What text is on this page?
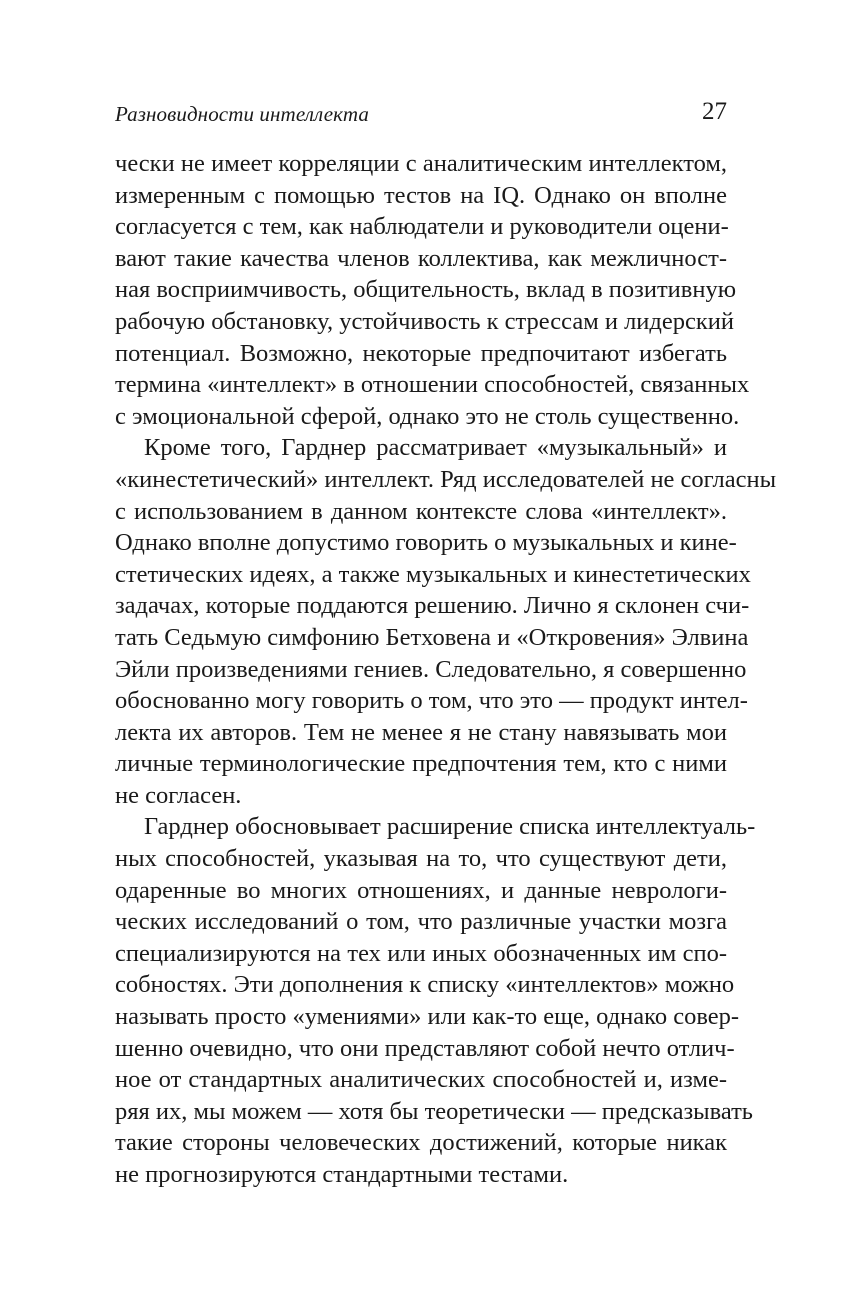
Разновидности интеллекта	27
чески не имеет корреляции с аналитическим интеллектом,
измеренным с помощью тестов на IQ. Однако он вполне
согласуется с тем, как наблюдатели и руководители оцени-
вают такие качества членов коллектива, как межличност-
ная восприимчивость, общительность, вклад в позитивную
рабочую обстановку, устойчивость к стрессам и лидерский
потенциал. Возможно, некоторые предпочитают избегать
термина «интеллект» в отношении способностей, связанных
с эмоциональной сферой, однако это не столь существенно.
Кроме того, Гарднер рассматривает «музыкальный» и
«кинестетический» интеллект. Ряд исследователей не согласны
с использованием в данном контексте слова «интеллект».
Однако вполне допустимо говорить о музыкальных и кине-
стетических идеях, а также музыкальных и кинестетических
задачах, которые поддаются решению. Лично я склонен счи-
тать Седьмую симфонию Бетховена и «Откровения» Элвина
Эйли произведениями гениев. Следовательно, я совершенно
обоснованно могу говорить о том, что это — продукт интел-
лекта их авторов. Тем не менее я не стану навязывать мои
личные терминологические предпочтения тем, кто с ними
не согласен.
Гарднер обосновывает расширение списка интеллектуаль-
ных способностей, указывая на то, что существуют дети,
одаренные во многих отношениях, и данные неврологи-
ческих исследований о том, что различные участки мозга
специализируются на тех или иных обозначенных им спо-
собностях. Эти дополнения к списку «интеллектов» можно
называть просто «умениями» или как-то еще, однако совер-
шенно очевидно, что они представляют собой нечто отлич-
ное от стандартных аналитических способностей и, изме-
ряя их, мы можем — хотя бы теоретически — предсказывать
такие стороны человеческих достижений, которые никак
не прогнозируются стандартными тестами.
